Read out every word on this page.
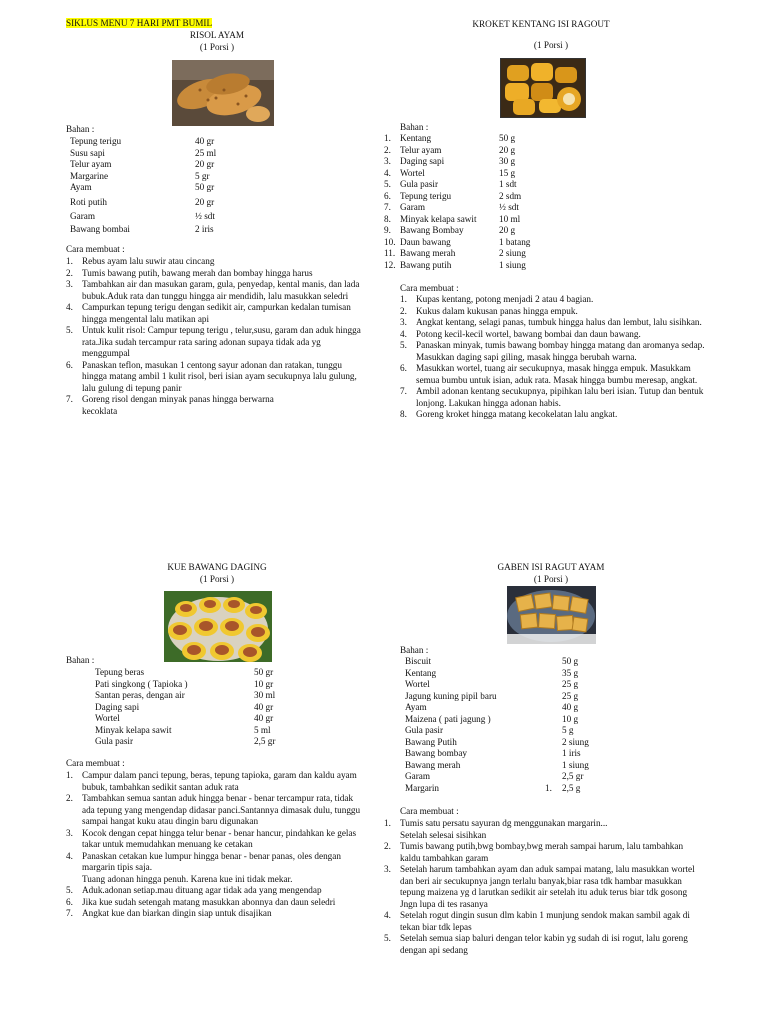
SIKLUS MENU 7 HARI PMT BUMIL
RISOL AYAM
(1 Porsi )
Bahan :
Tepung terigu	40 gr
Susu sapi	25 ml
Telur ayam	20 gr
Margarine	5 gr
Ayam	50 gr
Roti putih	20 gr
Garam	½ sdt
Bawang bombai	2 iris
Cara membuat :
1. Rebus ayam lalu suwir atau cincang
2. Tumis bawang putih, bawang merah dan bombay hingga harus
3. Tambahkan air dan masukan garam, gula, penyedap, kental manis, dan lada bubuk.Aduk rata dan tunggu hingga air mendidih, lalu masukkan seledri
4. Campurkan tepung terigu dengan sedikit air, campurkan kedalan tumisan hingga mengental lalu matikan api
5. Untuk kulit risol: Campur tepung terigu , telur,susu, garam dan aduk hingga rata.Jika sudah tercampur rata saring adonan supaya tidak ada yg menggumpal
6. Panaskan teflon, masukan 1 centong sayur adonan dan ratakan, tunggu hingga matang ambil 1 kulit risol, beri isian ayam secukupnya lalu gulung, lalu gulung di tepung panir
7. Goreng risol dengan minyak panas hingga berwarna kecoklata
KROKET KENTANG ISI RAGOUT
(1 Porsi )
Bahan :
1. Kentang	50 g
2. Telur ayam	20 g
3. Daging sapi	30 g
4. Wortel	15 g
5. Gula pasir	1 sdt
6. Tepung terigu	2 sdm
7. Garam	½ sdt
8. Minyak kelapa sawit	10 ml
9. Bawang Bombay	20 g
10. Daun bawang	1 batang
11. Bawang merah	2 siung
12. Bawang putih	1 siung
Cara membuat :
1. Kupas kentang, potong menjadi 2 atau 4 bagian.
2. Kukus dalam kukusan panas hingga empuk.
3. Angkat kentang, selagi panas, tumbuk hingga halus dan lembut, lalu sisihkan.
4. Potong kecil-kecil wortel, bawang bombai dan daun bawang.
5. Panaskan minyak, tumis bawang bombay hingga matang dan aromanya sedap. Masukkan daging sapi giling, masak hingga berubah warna.
6. Masukkan wortel, tuang air secukupnya, masak hingga empuk. Masukkam semua bumbu untuk isian, aduk rata. Masak hingga bumbu meresap, angkat.
7. Ambil adonan kentang secukupnya, pipihkan lalu beri isian. Tutup dan bentuk lonjong. Lakukan hingga adonan habis.
8. Goreng kroket hingga matang kecokelatan lalu angkat.
KUE BAWANG DAGING
(1 Porsi )
Bahan :
Tepung beras	50 gr
Pati singkong ( Tapioka )	10 gr
Santan peras, dengan air	30 ml
Daging sapi	40 gr
Wortel	40 gr
Minyak kelapa sawit	5 ml
Gula pasir	2,5 gr
Cara membuat :
1. Campur dalam panci tepung, beras, tepung tapioka, garam dan kaldu ayam bubuk, tambahkan sedikit santan aduk rata
2. Tambahkan semua santan aduk hingga benar - benar tercampur rata, tidak ada tepung yang mengendap didasar panci.Santannya dimasak dulu, tunggu sampai hangat kuku atau dingin baru digunakan
3. Kocok dengan cepat hingga telur benar - benar hancur, pindahkan ke gelas takar untuk memudahkan menuang ke cetakan
4. Panaskan cetakan kue lumpur hingga benar - benar panas, oles dengan margarin tipis saja.
Tuang adonan hingga penuh. Karena kue ini tidak mekar.
5. Aduk.adonan setiap.mau dituang agar tidak ada yang mengendap
6. Jika kue sudah setengah matang masukkan abonnya dan daun seledri
7. Angkat kue dan biarkan dingin siap untuk disajikan
GABEN ISI RAGUT AYAM
(1 Porsi )
Bahan :
Biscuit	50 g
Kentang	35 g
Wortel	25 g
Jagung kuning pipil baru	25 g
Ayam	40 g
Maizena ( pati jagung )	10 g
Gula pasir	5 g
Bawang Putih	2 siung
Bawang bombay	1 iris
Bawang merah	1 siung
Garam	2,5 gr
Margarin	1.	2,5 g
Cara membuat :
1. Tumis satu persatu sayuran dg menggunakan margarin...
Setelah selesai sisihkan
2. Tumis bawang putih,bwg bombay,bwg merah sampai harum, lalu tambahkan kaldu tambahkan garam
3. Setelah harum tambahkan ayam dan aduk sampai matang, lalu masukkan wortel dan beri air secukupnya jangn terlalu banyak,biar rasa tdk hambar masukkan tepung maizena yg d larutkan sedikit air setelah itu aduk terus biar tdk gosong
Jngn lupa di tes rasanya
4. Setelah rogut dingin susun dlm kabin 1 munjung sendok makan sambil agak di tekan biar tdk lepas
5. Setelah semua siap baluri dengan telor kabin yg sudah di isi rogut, lalu goreng dengan api sedang
